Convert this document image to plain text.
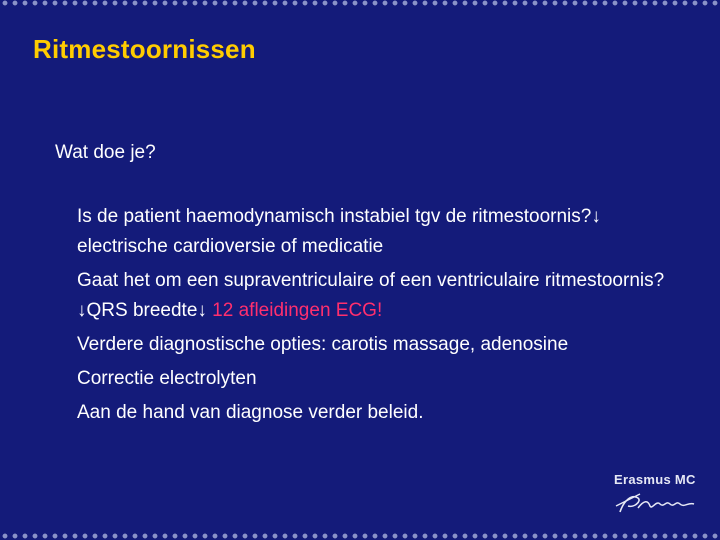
Ritmestoornissen
Wat doe je?
Is de patient haemodynamisch instabiel tgv de ritmestoornis?↓ electrische cardioversie of medicatie
Gaat het om een supraventriculaire of een ventriculaire ritmestoornis?↓QRS breedte↓ 12 afleidingen ECG!
Verdere diagnostische opties: carotis massage, adenosine
Correctie electrolyten
Aan de hand van diagnose verder beleid.
Erasmus MC
